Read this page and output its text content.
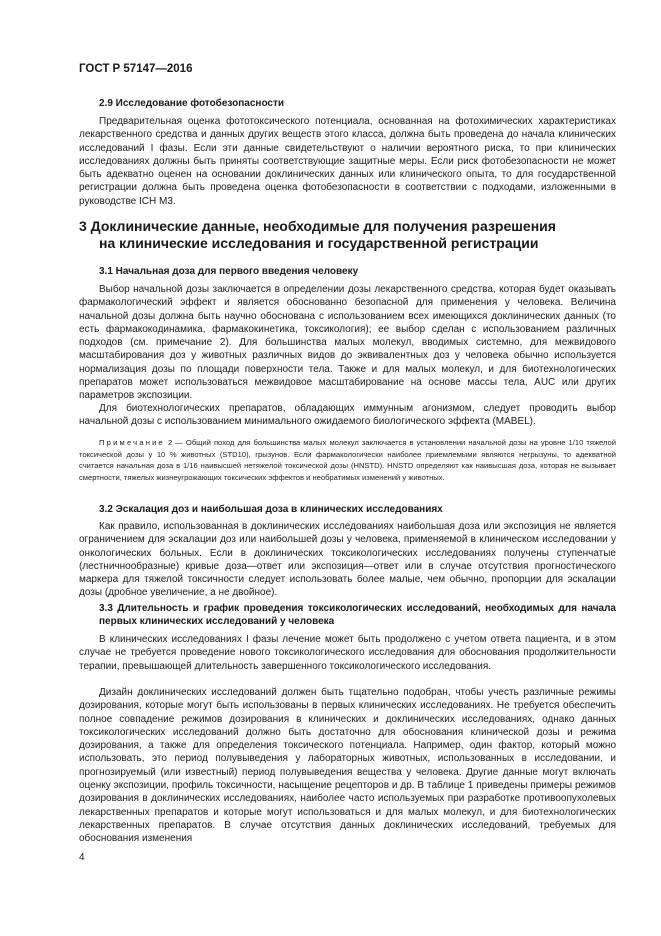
ГОСТ Р 57147—2016
2.9 Исследование фотобезопасности

Предварительная оценка фототоксического потенциала, основанная на фотохимических характеристиках лекарственного средства и данных других веществ этого класса, должна быть проведена до начала клинических исследований I фазы. Если эти данные свидетельствуют о наличии вероятного риска, то при клинических исследованиях должны быть приняты соответствующие защитные меры. Если риск фотобезопасности не может быть адекватно оценен на основании доклинических данных или клинического опыта, то для государственной регистрации должна быть проведена оценка фотобезопасности в соответствии с подходами, изложенными в руководстве ICH M3.

3 Доклинические данные, необходимые для получения разрешения
на клинические исследования и государственной регистрации
3.1 Начальная доза для первого введения человеку

Выбор начальной дозы заключается в определении дозы лекарственного средства, которая будет оказывать фармакологический эффект и является обоснованно безопасной для применения у человека. Величина начальной дозы должна быть научно обоснована с использованием всех имеющихся доклинических данных (то есть фармакокодинамика, фармакокинетика, токсикология); ее выбор сделан с использованием различных подходов (см. примечание 2). Для большинства малых молекул, вводимых системно, для межвидового масштабирования доз у животных различных видов до эквивалентных доз у человека обычно используется нормализация дозы по площади поверхности тела. Также и для малых молекул, и для биотехнологических препаратов может использоваться межвидовое масштабирование на основе массы тела, AUC или других параметров экспозиции.

Для биотехнологических препаратов, обладающих иммунным агонизмом, следует проводить выбор начальной дозы с использованием минимального ожидаемого биологического эффекта (MABEL).

Примечание 2 — Общий поход для большинства малых молекул заключается в установлении начальной дозы на уровне 1/10 тяжелой токсической дозы у 10 % животных (STD10), грызунов. Если фармакологически наиболее приемлемыми являются негрызуны, то адекватной считается начальная доза в 1/16 наивысшей нетяжелой токсической дозы (HNSTD). HNSTD определяют как наивысшая доза, которая не вызывает смертности, тяжелых жизнеугрожающих токсических эффектов и необратимых изменений у животных.

3.2 Эскалация доз и наибольшая доза в клинических исследованиях

Как правило, использованная в доклинических исследованиях наибольшая доза или экспозиция не является ограничением для эскалации доз или наибольшей дозы у человека, применяемой в клиническом исследовании у онкологических больных. Если в доклинических токсикологических исследованиях получены ступенчатые (лестничнообразные) кривые доза—ответ или экспозиция—ответ или в случае отсутствия прогностического маркера для тяжелой токсичности следует использовать более малые, чем обычно, пропорции для эскалации дозы (дробное увеличение, а не двойное).

3.3 Длительность и график проведения токсикологических исследований, необходимых для начала первых клинических исследований у человека

В клинических исследованиях I фазы лечение может быть продолжено с учетом ответа пациента, и в этом случае не требуется проведение нового токсикологического исследования для обоснования продолжительности терапии, превышающей длительность завершенного токсикологического исследования.

Дизайн доклинических исследований должен быть тщательно подобран, чтобы учесть различные режимы дозирования, которые могут быть использованы в первых клинических исследованиях. Не требуется обеспечить полное совпадение режимов дозирования в клинических и доклинических исследованиях, однако данных токсикологических исследований должно быть достаточно для обоснования клинической дозы и режима дозирования, а также для определения токсического потенциала. Например, один фактор, который можно использовать, это период полувыведения у лабораторных животных, использованных в исследовании, и прогнозируемый (или известный) период полувыведения вещества у человека. Другие данные могут включать оценку экспозиции, профиль токсичности, насыщение рецепторов и др. В таблице 1 приведены примеры режимов дозирования в доклинических исследованиях, наиболее часто используемых при разработке противоопухолевых лекарственных препаратов и которые могут использоваться и для малых молекул, и для биотехнологических лекарственных препаратов. В случае отсутствия данных доклинических исследований, требуемых для обоснования изменения

4
